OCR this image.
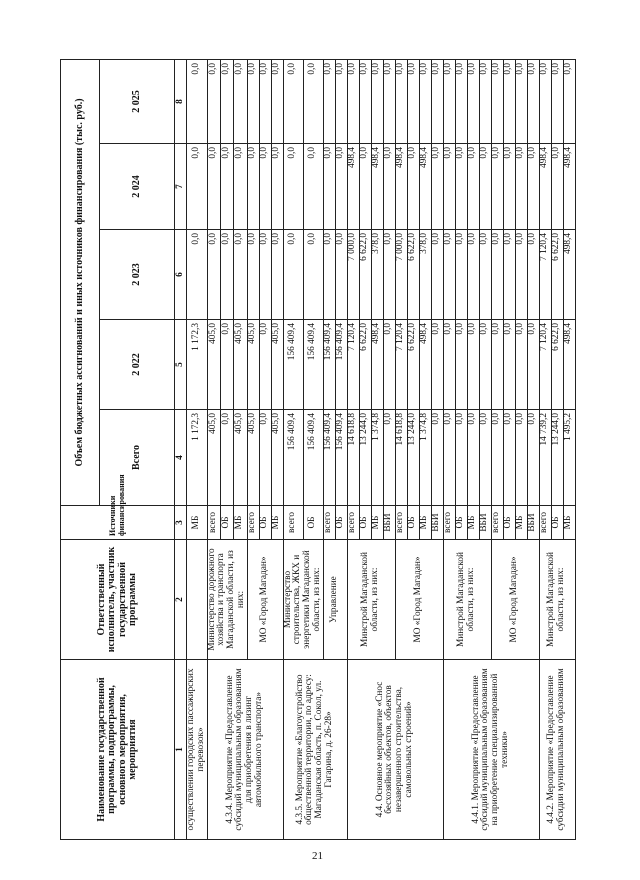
21
Наименование государственной программы, подпрограммы, основного мероприятия, мероприятия	Ответственный исполнитель, участник государственной программы	Источники финансирования	Объем бюджетных ассигнований и иных источников финансирования (тыс. руб.)				
			Всего	2 022	2 023	2 024	2 025
1	2	3	4	5	6	7	8
осуществлении городских пассажирских перевозок»		МБ	1 172,3	1 172,3	0,0	0,0	0,0
4.3.4. Мероприятие «Предоставление субсидий муниципальным образованиям для приобретения в лизинг автомобильного транспорта»	Министерство дорожного хозяйства и транспорта Магаданской области, из них:	всего	405,0	405,0	0,0	0,0	0,0
		ОБ	0,0	0,0	0,0	0,0	0,0
		МБ	405,0	405,0	0,0	0,0	0,0
	МО «Город Магадан»	всего	405,0	405,0	0,0	0,0	0,0
		ОБ	0,0	0,0	0,0	0,0	0,0
		МБ	405,0	405,0	0,0	0,0	0,0
4.3.5. Мероприятие «Благоустройство общественной территории, по адресу: Магаданская область, п. Сокол, ул. Гагарина, д. 26-28»	Министерство строительства, ЖКХ и энергетики Магаданской области, из них:	всего	156 409,4	156 409,4	0,0	0,0	0,0
		ОБ	156 409,4	156 409,4	0,0	0,0	0,0
	Управление	всего	156 409,4	156 409,4	0,0	0,0	0,0
		ОБ	156 409,4	156 409,4	0,0	0,0	0,0
4.4. Основное мероприятие «Снос бесхозяйных объектов, объектов незавершенного строительства, самовольных строений»	Минстрой Магаданской области, из них:	всего	14 618,8	7 120,4	7 000,0	498,4	0,0
		ОБ	13 244,0	6 622,0	6 622,0	0,0	0,0
		МБ	1 374,8	498,4	378,0	498,4	0,0
		ВБИ	0,0	0,0	0,0	0,0	0,0
	МО «Город Магадан»	всего	14 618,8	7 120,4	7 000,0	498,4	0,0
		ОБ	13 244,0	6 622,0	6 622,0	0,0	0,0
		МБ	1 374,8	498,4	378,0	498,4	0,0
		ВБИ	0,0	0,0	0,0	0,0	0,0
4.4.1. Мероприятие «Предоставление субсидий муниципальным образованиям на приобретение специализированной техники»	Минстрой Магаданской области, из них:	всего	0,0	0,0	0,0	0,0	0,0
		ОБ	0,0	0,0	0,0	0,0	0,0
		МБ	0,0	0,0	0,0	0,0	0,0
		ВБИ	0,0	0,0	0,0	0,0	0,0
	МО «Город Магадан»	всего	0,0	0,0	0,0	0,0	0,0
		ОБ	0,0	0,0	0,0	0,0	0,0
		МБ	0,0	0,0	0,0	0,0	0,0
		ВБИ	0,0	0,0	0,0	0,0	0,0
4.4.2. Мероприятие «Предоставление субсидии муниципальным образованиям	Минстрой Магаданской области, из них:	всего	14 739,2	7 120,4	7 120,4	498,4	0,0
		ОБ	13 244,0	6 622,0	6 622,0	0,0	0,0
		МБ	1 495,2	498,4	498,4	498,4	0,0
